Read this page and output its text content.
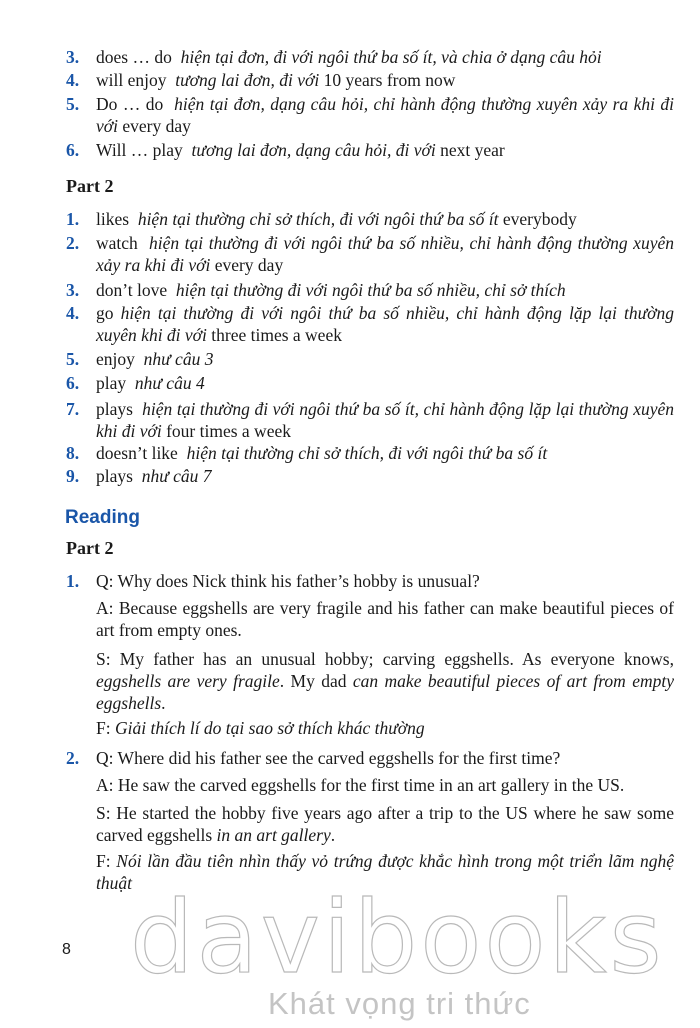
3. does … do hiện tại đơn, đi với ngôi thứ ba số ít, và chia ở dạng câu hỏi
4. will enjoy tương lai đơn, đi với 10 years from now
5. Do … do hiện tại đơn, dạng câu hỏi, chỉ hành động thường xuyên xảy ra khi đi với every day
6. Will … play tương lai đơn, dạng câu hỏi, đi với next year
Part 2
1. likes hiện tại thường chỉ sở thích, đi với ngôi thứ ba số ít everybody
2. watch hiện tại thường đi với ngôi thứ ba số nhiều, chỉ hành động thường xuyên xảy ra khi đi với every day
3. don’t love hiện tại thường đi với ngôi thứ ba số nhiều, chỉ sở thích
4. go hiện tại thường đi với ngôi thứ ba số nhiều, chỉ hành động lặp lại thường xuyên khi đi với three times a week
5. enjoy như câu 3
6. play như câu 4
7. plays hiện tại thường đi với ngôi thứ ba số ít, chỉ hành động lặp lại thường xuyên khi đi với four times a week
8. doesn’t like hiện tại thường chỉ sở thích, đi với ngôi thứ ba số ít
9. plays như câu 7
Reading
Part 2
1. Q: Why does Nick think his father’s hobby is unusual?
A: Because eggshells are very fragile and his father can make beautiful pieces of art from empty ones.
S: My father has an unusual hobby; carving eggshells. As everyone knows, eggshells are very fragile. My dad can make beautiful pieces of art from empty eggshells.
F: Giải thích lí do tại sao sở thích khác thường
2. Q: Where did his father see the carved eggshells for the first time?
A: He saw the carved eggshells for the first time in an art gallery in the US.
S: He started the hobby five years ago after a trip to the US where he saw some carved eggshells in an art gallery.
F: Nói lần đầu tiên nhìn thấy vỏ trứng được khắc hình trong một triển lãm nghệ thuật
8 davibooks
Khát vọng tri thức
